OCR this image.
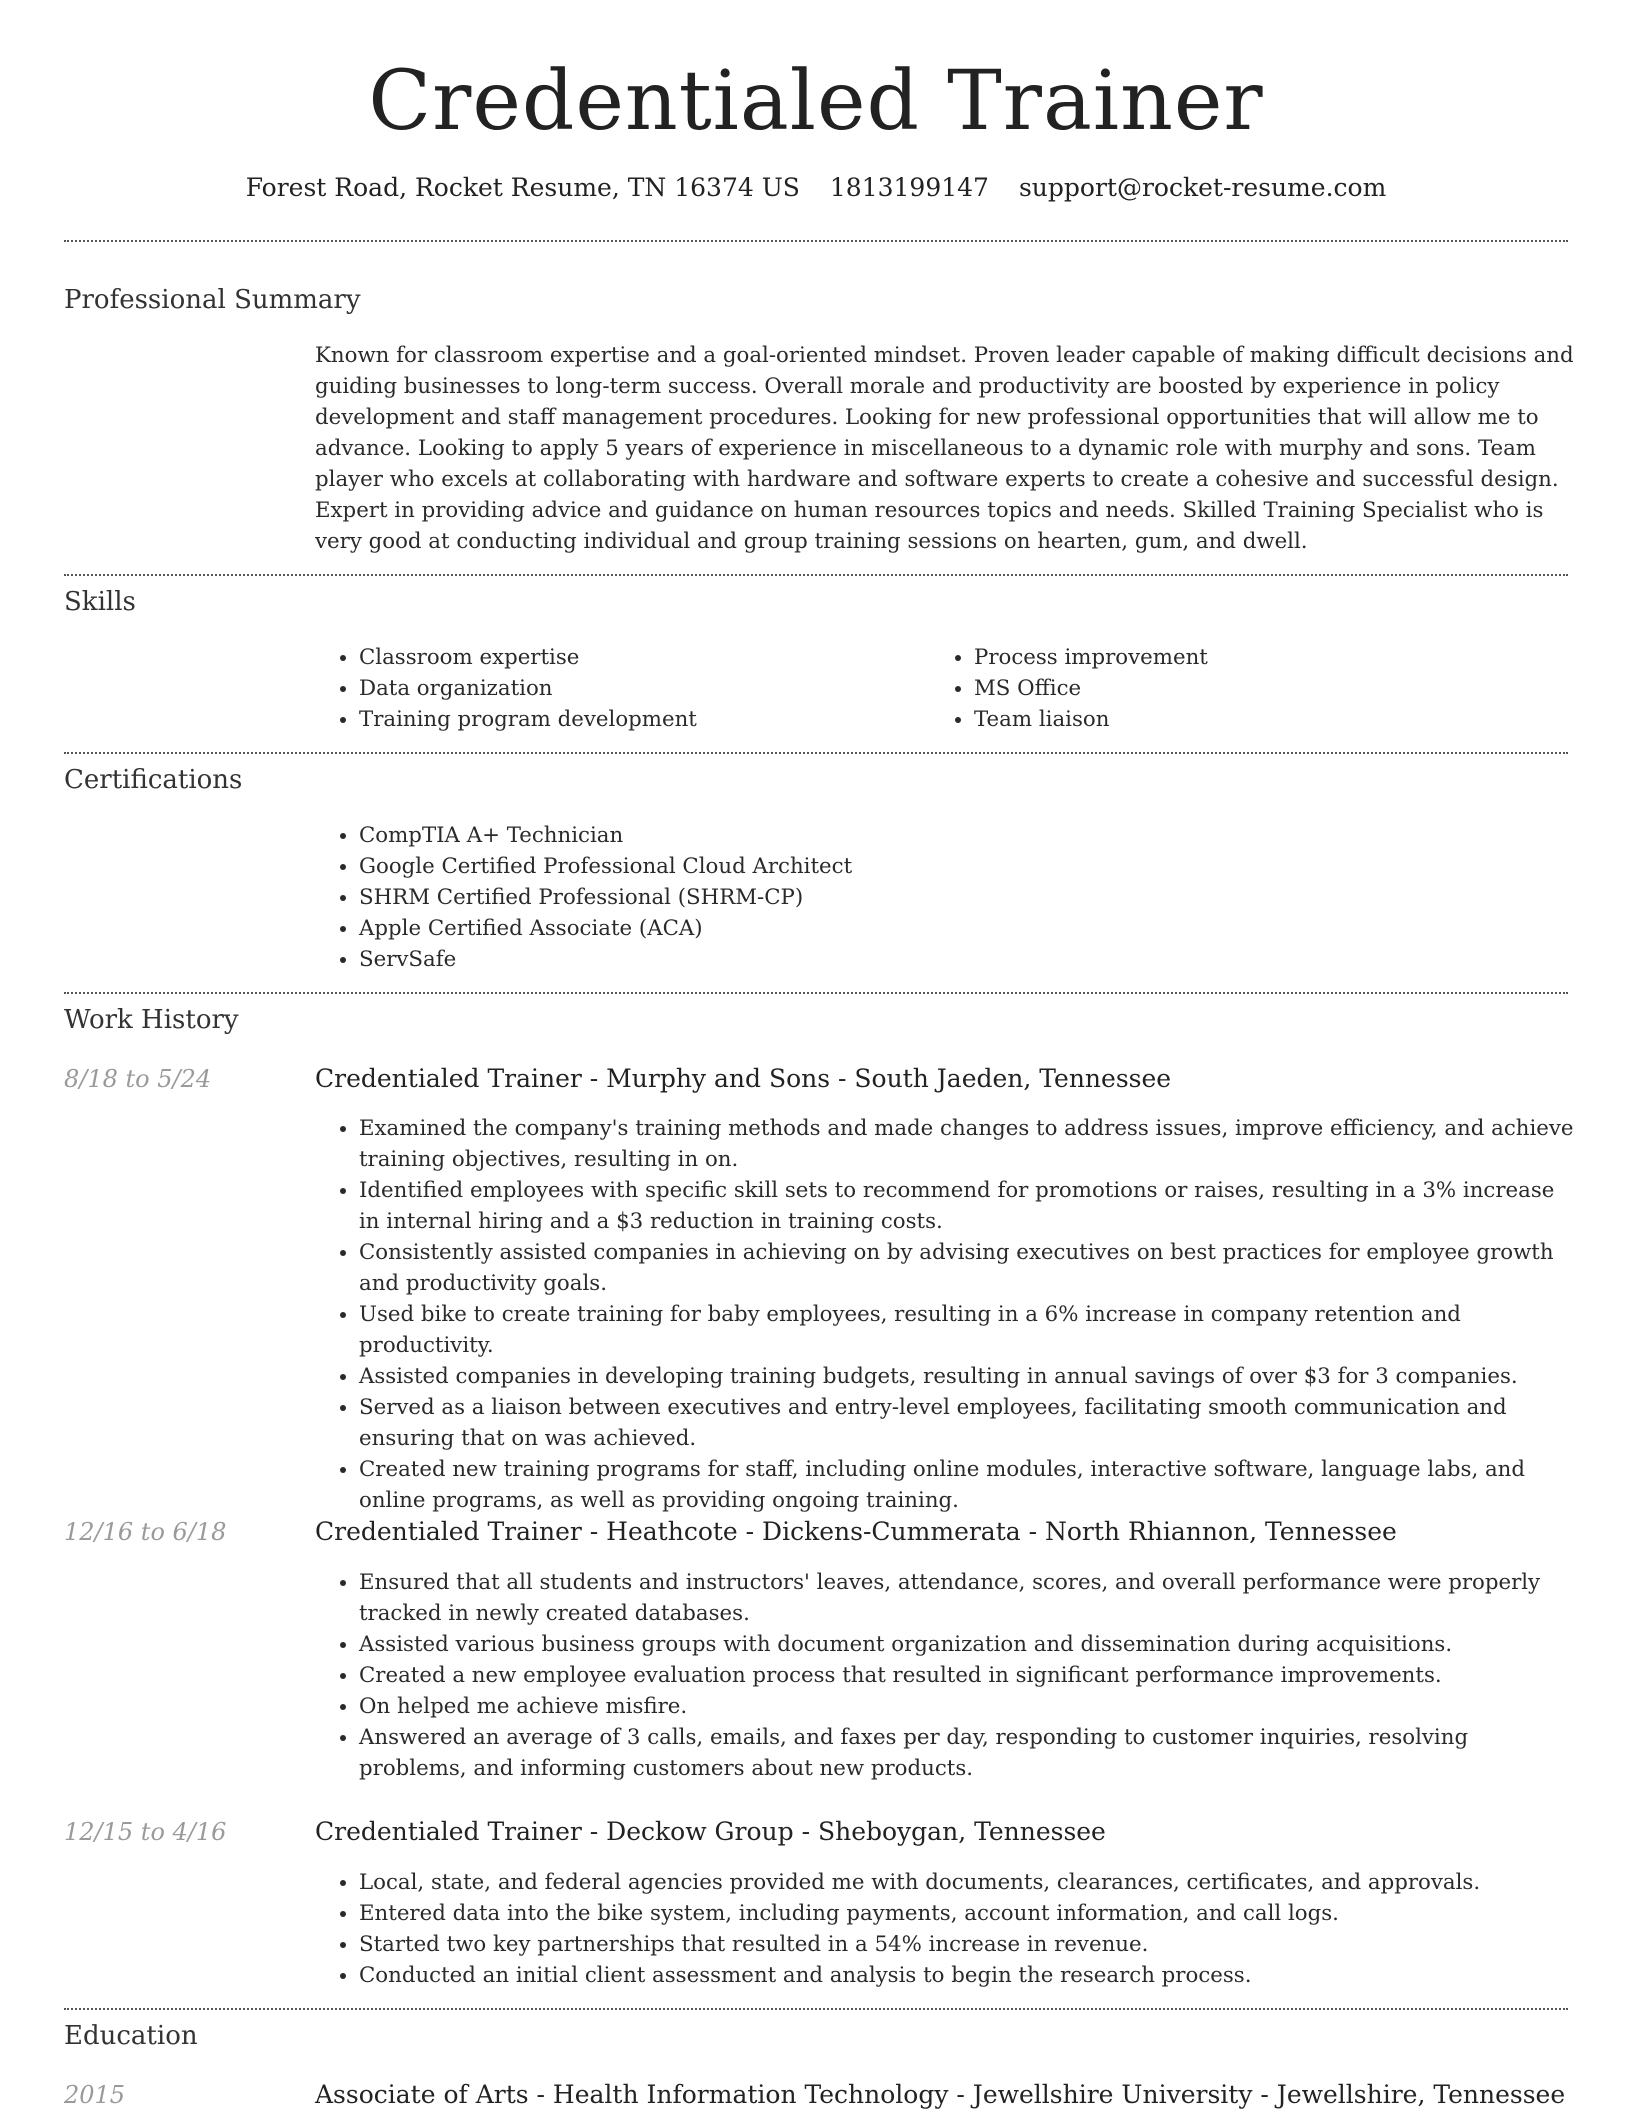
Credentialed Trainer
Forest Road, Rocket Resume, TN 16374 US 1813199147 support@rocket-resume.com
Professional Summary
Known for classroom expertise and a goal-oriented mindset. Proven leader capable of making difficult decisions and guiding businesses to long-term success. Overall morale and productivity are boosted by experience in policy development and staff management procedures. Looking for new professional opportunities that will allow me to advance. Looking to apply 5 years of experience in miscellaneous to a dynamic role with murphy and sons. Team player who excels at collaborating with hardware and software experts to create a cohesive and successful design. Expert in providing advice and guidance on human resources topics and needs. Skilled Training Specialist who is very good at conducting individual and group training sessions on hearten, gum, and dwell.
Skills
• Classroom expertise
• Data organization
• Training program development
• Process improvement
• MS Office
• Team liaison
Certifications
• CompTIA A+ Technician
• Google Certified Professional Cloud Architect
• SHRM Certified Professional (SHRM-CP)
• Apple Certified Associate (ACA)
• ServSafe
Work History
8/18 to 5/24	Credentialed Trainer - Murphy and Sons - South Jaeden, Tennessee
• Examined the company's training methods and made changes to address issues, improve efficiency, and achieve training objectives, resulting in on.
• Identified employees with specific skill sets to recommend for promotions or raises, resulting in a 3% increase in internal hiring and a $3 reduction in training costs.
• Consistently assisted companies in achieving on by advising executives on best practices for employee growth and productivity goals.
• Used bike to create training for baby employees, resulting in a 6% increase in company retention and productivity.
• Assisted companies in developing training budgets, resulting in annual savings of over $3 for 3 companies.
• Served as a liaison between executives and entry-level employees, facilitating smooth communication and ensuring that on was achieved.
• Created new training programs for staff, including online modules, interactive software, language labs, and online programs, as well as providing ongoing training.
12/16 to 6/18	Credentialed Trainer - Heathcote - Dickens-Cummerata - North Rhiannon, Tennessee
• Ensured that all students and instructors' leaves, attendance, scores, and overall performance were properly tracked in newly created databases.
• Assisted various business groups with document organization and dissemination during acquisitions.
• Created a new employee evaluation process that resulted in significant performance improvements.
• On helped me achieve misfire.
• Answered an average of 3 calls, emails, and faxes per day, responding to customer inquiries, resolving problems, and informing customers about new products.
12/15 to 4/16	Credentialed Trainer - Deckow Group - Sheboygan, Tennessee
• Local, state, and federal agencies provided me with documents, clearances, certificates, and approvals.
• Entered data into the bike system, including payments, account information, and call logs.
• Started two key partnerships that resulted in a 54% increase in revenue.
• Conducted an initial client assessment and analysis to begin the research process.
Education
2015	Associate of Arts - Health Information Technology - Jewellshire University - Jewellshire, Tennessee
